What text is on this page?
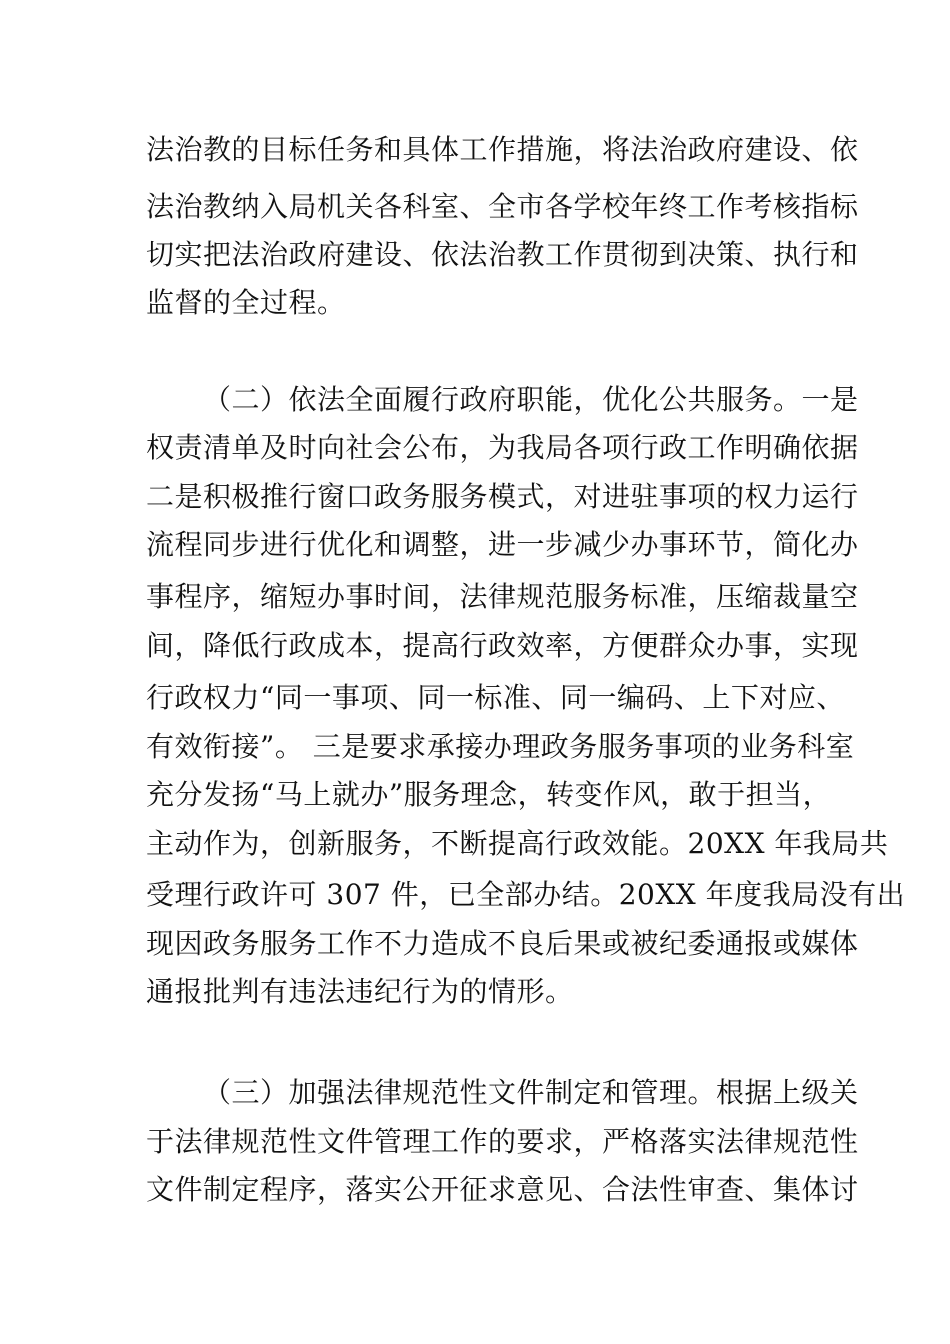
法治教的目标任务和具体工作措施，将法治政府建设、依
法治教纳入局机关各科室、全市各学校年终工作考核指标
切实把法治政府建设、依法治教工作贯彻到决策、执行和
监督的全过程。
（二）依法全面履行政府职能，优化公共服务。一是
权责清单及时向社会公布，为我局各项行政工作明确依据
二是积极推行窗口政务服务模式，对进驻事项的权力运行
流程同步进行优化和调整，进一步减少办事环节，简化办
事程序，缩短办事时间，法律规范服务标准，压缩裁量空
间，降低行政成本，提高行政效率，方便群众办事，实现
行政权力“同一事项、同一标准、同一编码、上下对应、
有效衔接”。 三是要求承接办理政务服务事项的业务科室
充分发扬“马上就办”服务理念，转变作风，敢于担当，
主动作为，创新服务，不断提高行政效能。20XX 年我局共
受理行政许可 307 件，已全部办结。20XX 年度我局没有出
现因政务服务工作不力造成不良后果或被纪委通报或媒体
通报批判有违法违纪行为的情形。
（三）加强法律规范性文件制定和管理。根据上级关
于法律规范性文件管理工作的要求，严格落实法律规范性
文件制定程序，落实公开征求意见、合法性审查、集体讨
